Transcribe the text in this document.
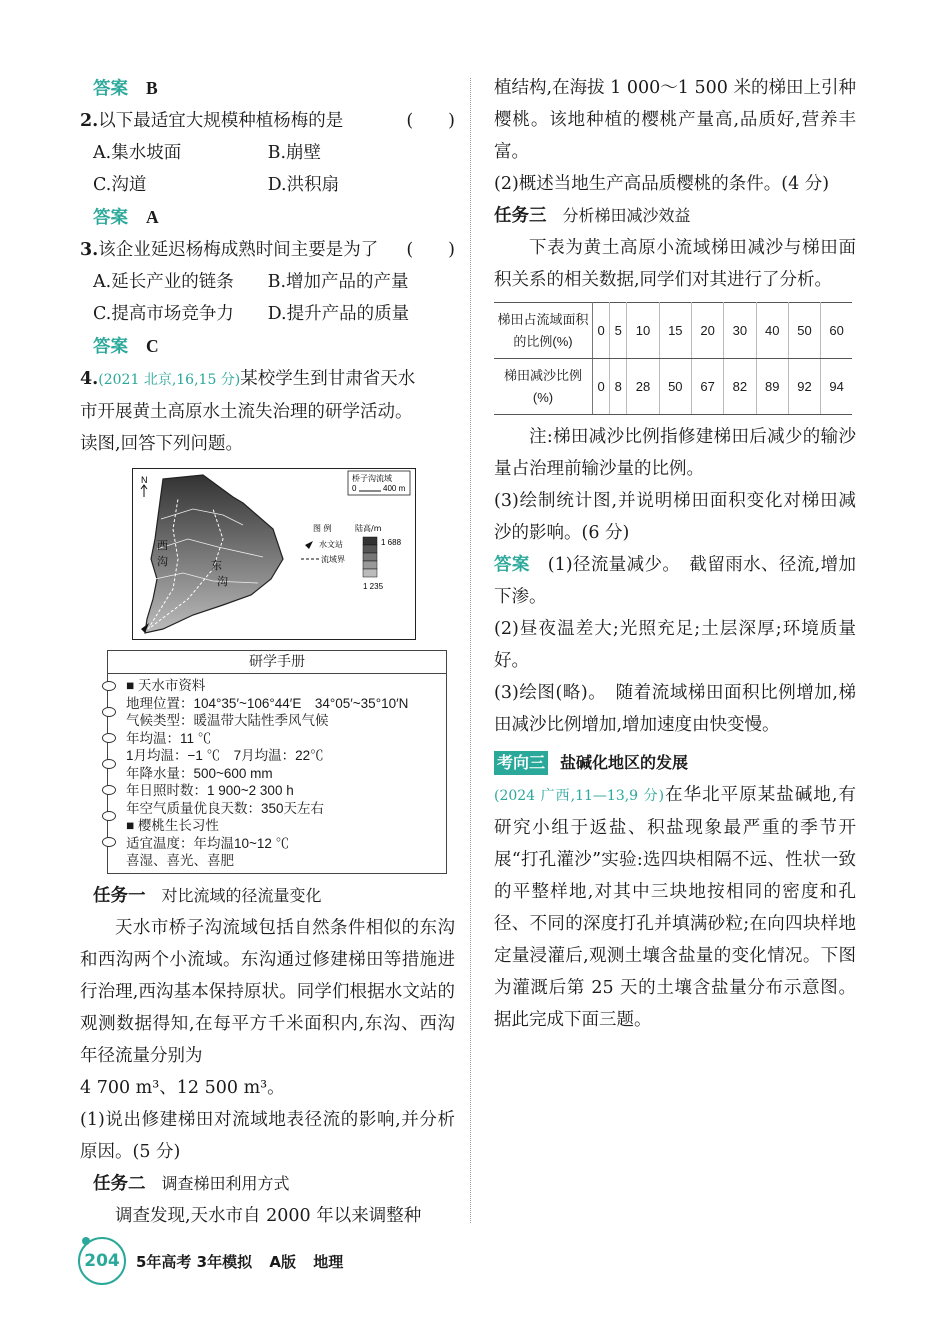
答案 B
2.以下最适宜大规模种植杨梅的是	(　　)
A.集水坡面	B.崩壁
C.沟道	D.洪积扇
答案 A
3.该企业延迟杨梅成熟时间主要是为了 (　　)
A.延长产业的链条	B.增加产品的产量
C.提高市场竞争力	D.提升产品的质量
答案 C
4.(2021 北京,16,15 分)某校学生到甘肃省天水
市开展黄土高原水土流失治理的研学活动。
读图,回答下列问题。
N
西沟	东沟
桥子沟流域
0	400 m
图 例	陆高/m
水文站
流域界
1 688
1 235
研学手册
■ 天水市资料
地理位置：104°35′~106°44′E　34°05′~35°10′N
气候类型：暖温带大陆性季风气候
年均温：11 ℃
1月均温：−1 ℃　7月均温：22℃
年降水量：500~600 mm
年日照时数：1 900~2 300 h
年空气质量优良天数：350天左右
■ 樱桃生长习性
适宜温度：年均温10~12 ℃
喜湿、喜光、喜肥
任务一 对比流域的径流量变化
天水市桥子沟流域包括自然条件相似的东沟和西沟两个小流域。东沟通过修建梯田等措施进行治理,西沟基本保持原状。同学们根据水文站的观测数据得知,在每平方千米面积内,东沟、西沟年径流量分别为
4 700 m³、12 500 m³。
(1)说出修建梯田对流域地表径流的影响,并分析原因。(5 分)
任务二 调查梯田利用方式
调查发现,天水市自 2000 年以来调整种
植结构,在海拔 1 000～1 500 米的梯田上引种樱桃。该地种植的樱桃产量高,品质好,营养丰富。
(2)概述当地生产高品质樱桃的条件。(4 分)
任务三 分析梯田减沙效益
下表为黄土高原小流域梯田减沙与梯田面积关系的相关数据,同学们对其进行了分析。
梯田占流域面积的比例(%)	0	5	10	15	20	30	40	50	60
梯田减沙比例(%)	0	8	28	50	67	82	89	92	94
注:梯田减沙比例指修建梯田后减少的输沙量占治理前输沙量的比例。
(3)绘制统计图,并说明梯田面积变化对梯田减沙的影响。(6 分)
答案 (1)径流量减少。　截留雨水、径流,增加下渗。
(2)昼夜温差大;光照充足;土层深厚;环境质量好。
(3)绘图(略)。　随着流域梯田面积比例增加,梯田减沙比例增加,增加速度由快变慢。
考向三 盐碱化地区的发展
(2024 广西,11—13,9 分)在华北平原某盐碱地,有研究小组于返盐、积盐现象最严重的季节开展“打孔灌沙”实验:选四块相隔不远、性状一致的平整样地,对其中三块地按相同的密度和孔径、不同的深度打孔并填满砂粒;在向四块样地定量浸灌后,观测土壤含盐量的变化情况。下图为灌溉后第 25 天的土壤含盐量分布示意图。据此完成下面三题。
204 5年高考 3年模拟 A版 地理
